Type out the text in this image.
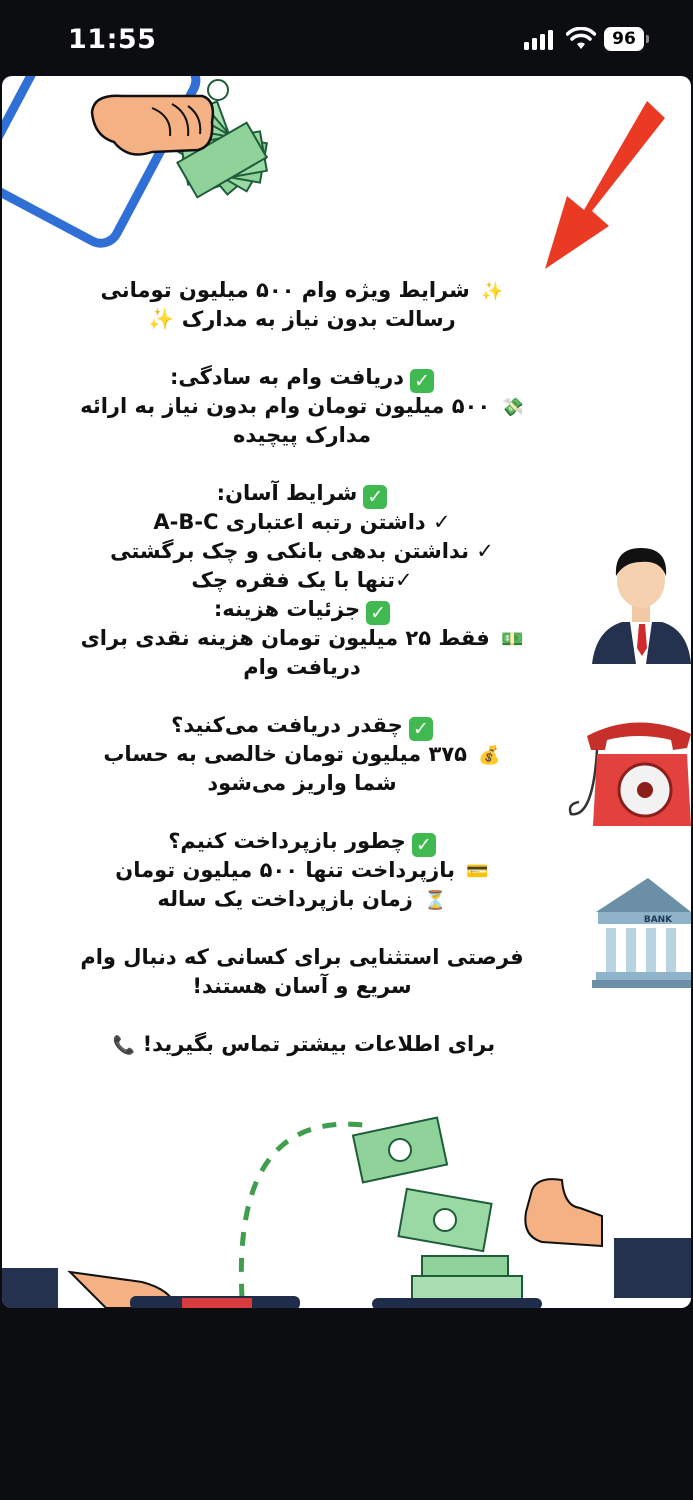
11:55	96
BANK
✨ شرایط ویژه وام ۵۰۰ میلیون تومانی
رسالت بدون نیاز به مدارک ✨
✓دریافت وام به سادگی:
💸 ۵۰۰ میلیون تومان وام بدون نیاز به ارائه
مدارک پیچیده
✓شرایط آسان:
✓ داشتن رتبه اعتباری A-B-C
✓ نداشتن بدهی بانکی و چک برگشتی
✓تنها با یک فقره چک
✓جزئیات هزینه:
💵 فقط ۲۵ میلیون تومان هزینه نقدی برای
دریافت وام
✓چقدر دریافت می‌کنید؟
💰 ۳۷۵ میلیون تومان خالصی به حساب
شما واریز می‌شود
✓چطور بازپرداخت کنیم؟
💳 بازپرداخت تنها ۵۰۰ میلیون تومان
⏳ زمان بازپرداخت یک ساله
فرصتی استثنایی برای کسانی که دنبال وام
سریع و آسان هستند!
برای اطلاعات بیشتر تماس بگیرید! 📞
